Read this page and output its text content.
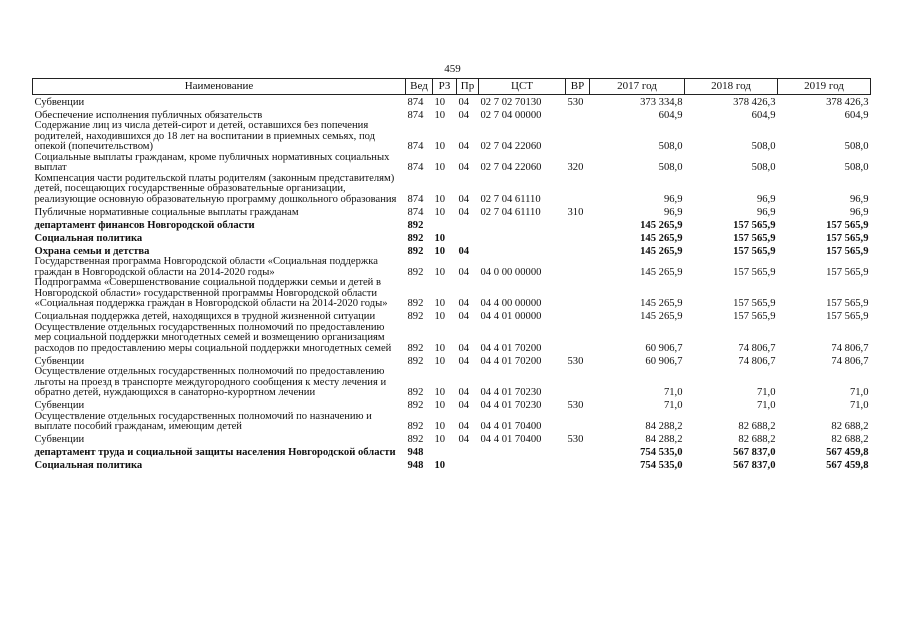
459
Наименование	Вед	РЗ	Пр	ЦСТ	ВР	2017 год	2018 год	2019 год
Субвенции	874	10	04	02 7 02 70130	530	373 334,8	378 426,3	378 426,3
Обеспечение исполнения публичных обязательств	874	10	04	02 7 04 00000		604,9	604,9	604,9
Содержание лиц из числа детей-сирот и детей, оставшихся без попечения родителей, находившихся до 18 лет на воспитании в приемных семьях, под опекой (попечительством)	874	10	04	02 7 04 22060		508,0	508,0	508,0
Социальные выплаты гражданам, кроме публичных нормативных социальных выплат	874	10	04	02 7 04 22060	320	508,0	508,0	508,0
Компенсация части родительской платы родителям (законным представителям) детей, посещающих государственные образовательные организации, реализующие основную образовательную программу дошкольного образования	874	10	04	02 7 04 61110		96,9	96,9	96,9
Публичные нормативные социальные выплаты гражданам	874	10	04	02 7 04 61110	310	96,9	96,9	96,9
департамент финансов Новгородской области	892					145 265,9	157 565,9	157 565,9
Социальная политика	892	10				145 265,9	157 565,9	157 565,9
Охрана семьи и детства	892	10	04			145 265,9	157 565,9	157 565,9
Государственная программа Новгородской области «Социальная поддержка граждан в Новгородской области на 2014-2020 годы»	892	10	04	04 0 00 00000		145 265,9	157 565,9	157 565,9
Подпрограмма «Совершенствование социальной поддержки семьи и детей в Новгородской области» государственной программы Новгородской области «Социальная поддержка граждан в Новгородской области на 2014-2020 годы»	892	10	04	04 4 00 00000		145 265,9	157 565,9	157 565,9
Социальная поддержка детей, находящихся в трудной жизненной ситуации	892	10	04	04 4 01 00000		145 265,9	157 565,9	157 565,9
Осуществление отдельных государственных полномочий по предоставлению мер социальной поддержки многодетных семей и возмещению организациям расходов по предоставлению меры социальной поддержки многодетных семей	892	10	04	04 4 01 70200		60 906,7	74 806,7	74 806,7
Субвенции	892	10	04	04 4 01 70200	530	60 906,7	74 806,7	74 806,7
Осуществление отдельных государственных полномочий по предоставлению льготы на проезд в транспорте междугородного сообщения к месту лечения и обратно детей, нуждающихся в санаторно-курортном лечении	892	10	04	04 4 01 70230		71,0	71,0	71,0
Субвенции	892	10	04	04 4 01 70230	530	71,0	71,0	71,0
Осуществление отдельных государственных полномочий по назначению и выплате пособий гражданам, имеющим детей	892	10	04	04 4 01 70400		84 288,2	82 688,2	82 688,2
Субвенции	892	10	04	04 4 01 70400	530	84 288,2	82 688,2	82 688,2
департамент труда и социальной защиты населения Новгородской области	948					754 535,0	567 837,0	567 459,8
Социальная политика	948	10				754 535,0	567 837,0	567 459,8
